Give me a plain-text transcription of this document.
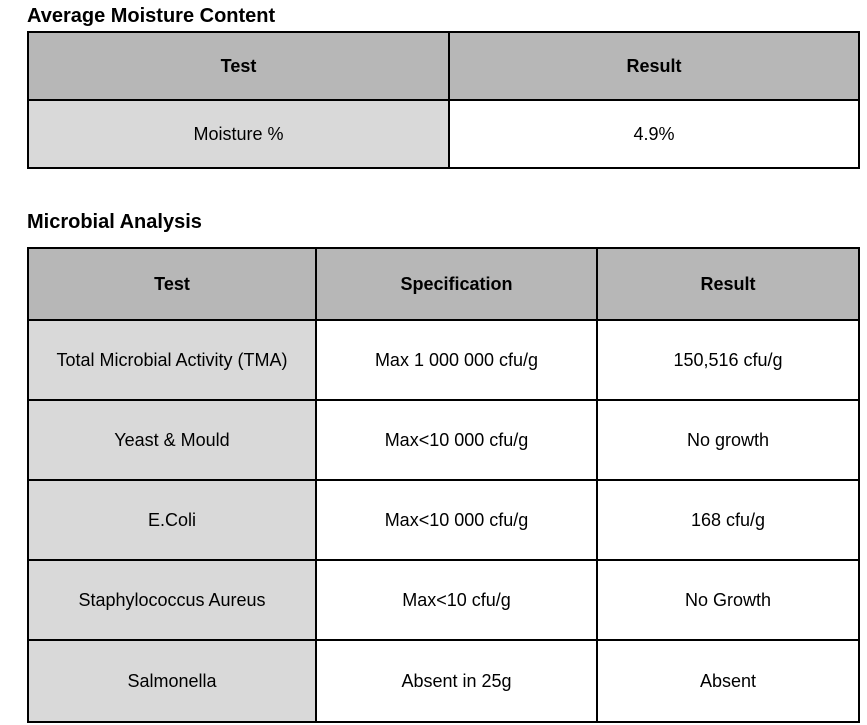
Average Moisture Content
Test	Result
Moisture %	4.9%
Microbial Analysis
Test	Specification	Result
Total Microbial Activity (TMA)	Max 1 000 000 cfu/g	150,516 cfu/g
Yeast & Mould	Max<10 000 cfu/g	No growth
E.Coli	Max<10 000 cfu/g	168 cfu/g
Staphylococcus Aureus	Max<10 cfu/g	No Growth
Salmonella	Absent in 25g	Absent
